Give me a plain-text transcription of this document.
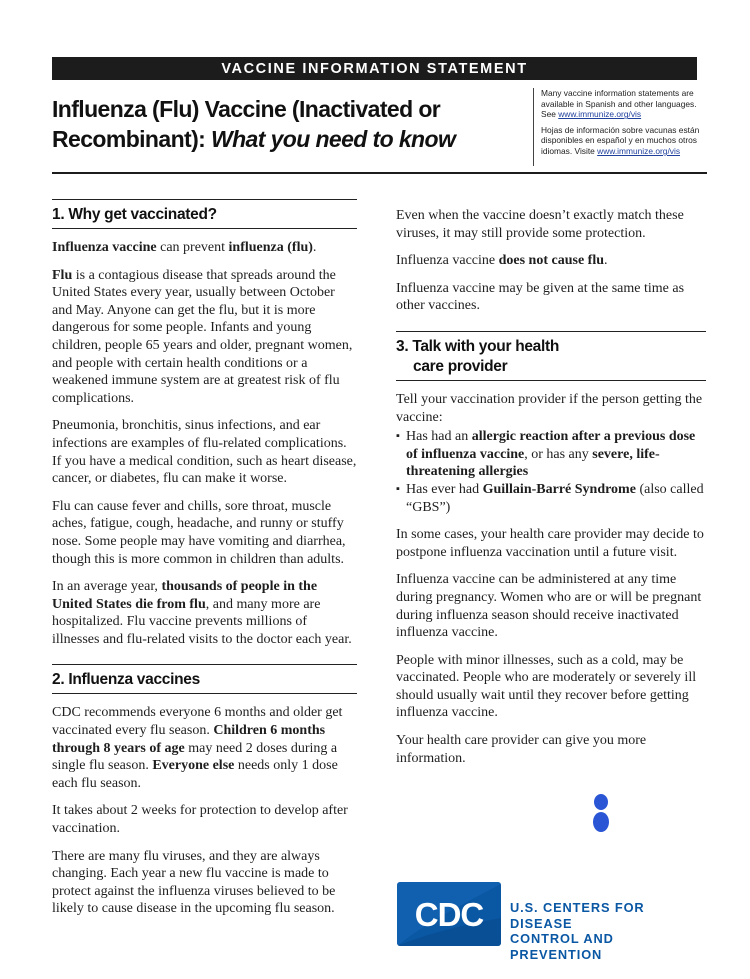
VACCINE INFORMATION STATEMENT
Influenza (Flu) Vaccine (Inactivated or
Recombinant): What you need to know

Many vaccine information statements are available in Spanish and other languages. See www.immunize.org/vis

Hojas de información sobre vacunas están disponibles en español y en muchos otros idiomas. Visite www.immunize.org/vis

1. Why get vaccinated?

Influenza vaccine can prevent influenza (flu).

Flu is a contagious disease that spreads around the United States every year, usually between October and May. Anyone can get the flu, but it is more dangerous for some people. Infants and young children, people 65 years and older, pregnant women, and people with certain health conditions or a weakened immune system are at greatest risk of flu complications.

Pneumonia, bronchitis, sinus infections, and ear infections are examples of flu-related complications. If you have a medical condition, such as heart disease, cancer, or diabetes, flu can make it worse.

Flu can cause fever and chills, sore throat, muscle aches, fatigue, cough, headache, and runny or stuffy nose. Some people may have vomiting and diarrhea, though this is more common in children than adults.

In an average year, thousands of people in the United States die from flu, and many more are hospitalized. Flu vaccine prevents millions of illnesses and flu-related visits to the doctor each year.

2. Influenza vaccines

CDC recommends everyone 6 months and older get vaccinated every flu season. Children 6 months through 8 years of age may need 2 doses during a single flu season. Everyone else needs only 1 dose each flu season.

It takes about 2 weeks for protection to develop after vaccination.

There are many flu viruses, and they are always changing. Each year a new flu vaccine is made to protect against the influenza viruses believed to be likely to cause disease in the upcoming flu season.

Even when the vaccine doesn’t exactly match these viruses, it may still provide some protection.

Influenza vaccine does not cause flu.

Influenza vaccine may be given at the same time as other vaccines.

3. Talk with your health
care provider

Tell your vaccination provider if the person getting the vaccine:

▪ Has had an allergic reaction after a previous dose of influenza vaccine, or has any severe, life-threatening allergies
▪ Has ever had Guillain-Barré Syndrome (also called “GBS”)

In some cases, your health care provider may decide to postpone influenza vaccination until a future visit.

Influenza vaccine can be administered at any time during pregnancy. Women who are or will be pregnant during influenza season should receive inactivated influenza vaccine.

People with minor illnesses, such as a cold, may be vaccinated. People who are moderately or severely ill should usually wait until they recover before getting influenza vaccine.

Your health care provider can give you more information.

CDC U.S. CENTERS FOR DISEASE
CONTROL AND PREVENTION
